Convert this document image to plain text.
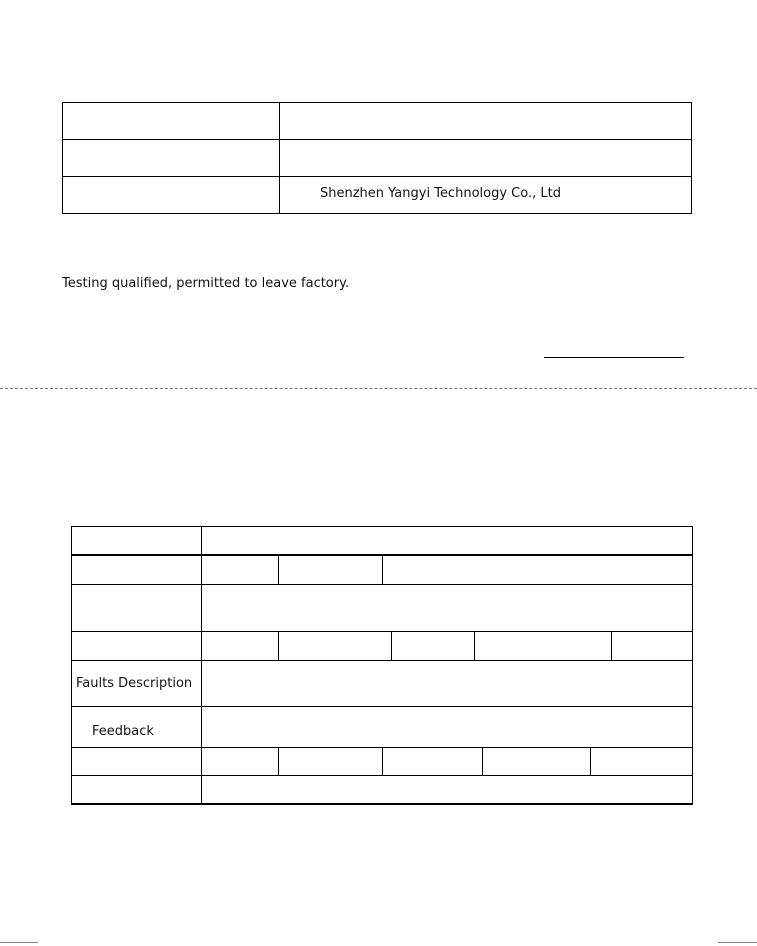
Shenzhen Yangyi Technology Co., Ltd
Testing qualified, permitted to leave factory.
Faults Description
Feedback
